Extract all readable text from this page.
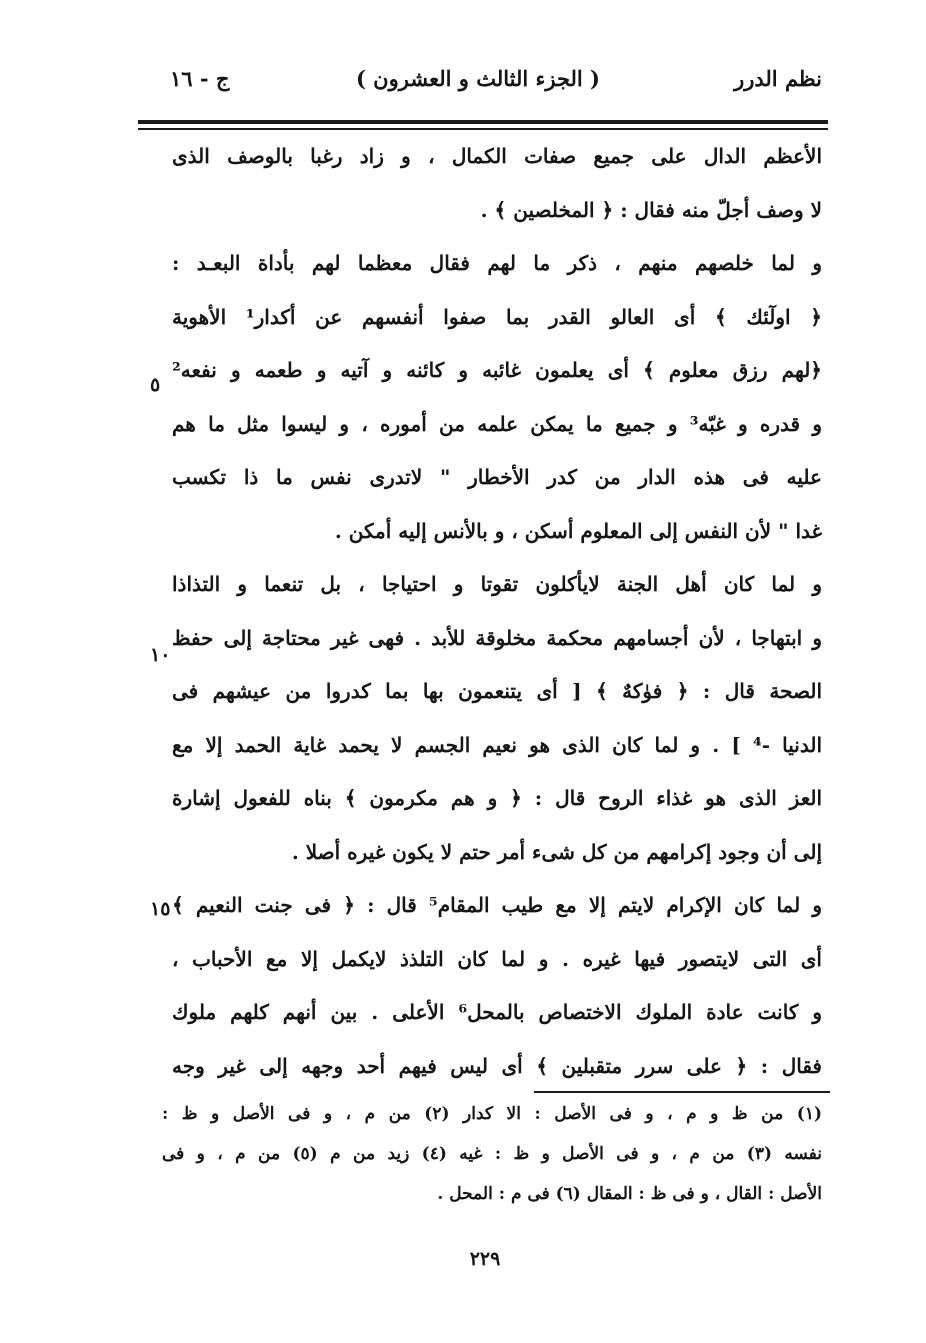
نظم الدرر
( الجزء الثالث و العشرون )
ج - ١٦
الأعظم الدال على جميع صفات الكمال ، و زاد رغبا بالوصف الذى
لا وصف أجلّ منه فقال : ﴿ المخلصين ﴾ .
و لما خلصهم منهم ، ذكر ما لهم فقال معظما لهم بأداة البعـد :
﴿ اولٓئك ﴾ أى العالو القدر بما صفوا أنفسهم عن أكدار¹ الأهوية
﴿لهم رزق معلوم ﴾ أى يعلمون غائبه و كائنه و آتيه و طعمه و نفعه²
و قدره و غبّه³ و جميع ما يمكن علمه من أموره ، و ليسوا مثل ما هم
عليه فى هذه الدار من كدر الأخطار " لاتدرى نفس ما ذا تكسب
غدا " لأن النفس إلى المعلوم أسكن ، و بالأنس إليه أمكن .
و لما كان أهل الجنة لايأكلون تقوتا و احتياجا ، بل تنعما و التذاذا
و ابتهاجا ، لأن أجسامهم محكمة مخلوقة للأبد . فهى غير محتاجة إلى حفظ
الصحة قال : ﴿ فوٰكهٌ ﴾ [ أى يتنعمون بها بما كدروا من عيشهم فى
الدنيا -⁴ ] . و لما كان الذى هو نعيم الجسم لا يحمد غاية الحمد إلا مع
العز الذى هو غذاء الروح قال : ﴿ و هم مكرمون ﴾ بناه للفعول إشارة
إلى أن وجود إكرامهم من كل شىء أمر حتم لا يكون غيره أصلا .
و لما كان الإكرام لايتم إلا مع طيب المقام⁵ قال : ﴿ فى جنت النعيم ﴾
أى التى لايتصور فيها غيره . و لما كان التلذذ لايكمل إلا مع الأحباب ،
و كانت عادة الملوك الاختصاص بالمحل⁶ الأعلى . بين أنهم كلهم ملوك
فقال : ﴿ على سرر متقبلين ﴾ أى ليس فيهم أحد وجهه إلى غير وجه
٥
١٠
١٥
(١) من ظ و م ، و فى الأصل : الا كدار (٢) من م ، و فى الأصل و ظ :
نفسه (٣) من م ، و فى الأصل و ظ : غيه (٤) زيد من م (٥) من م ، و فى
الأصل : القال ، و فى ظ : المقال (٦) فى م : المحل .
٢٢٩
